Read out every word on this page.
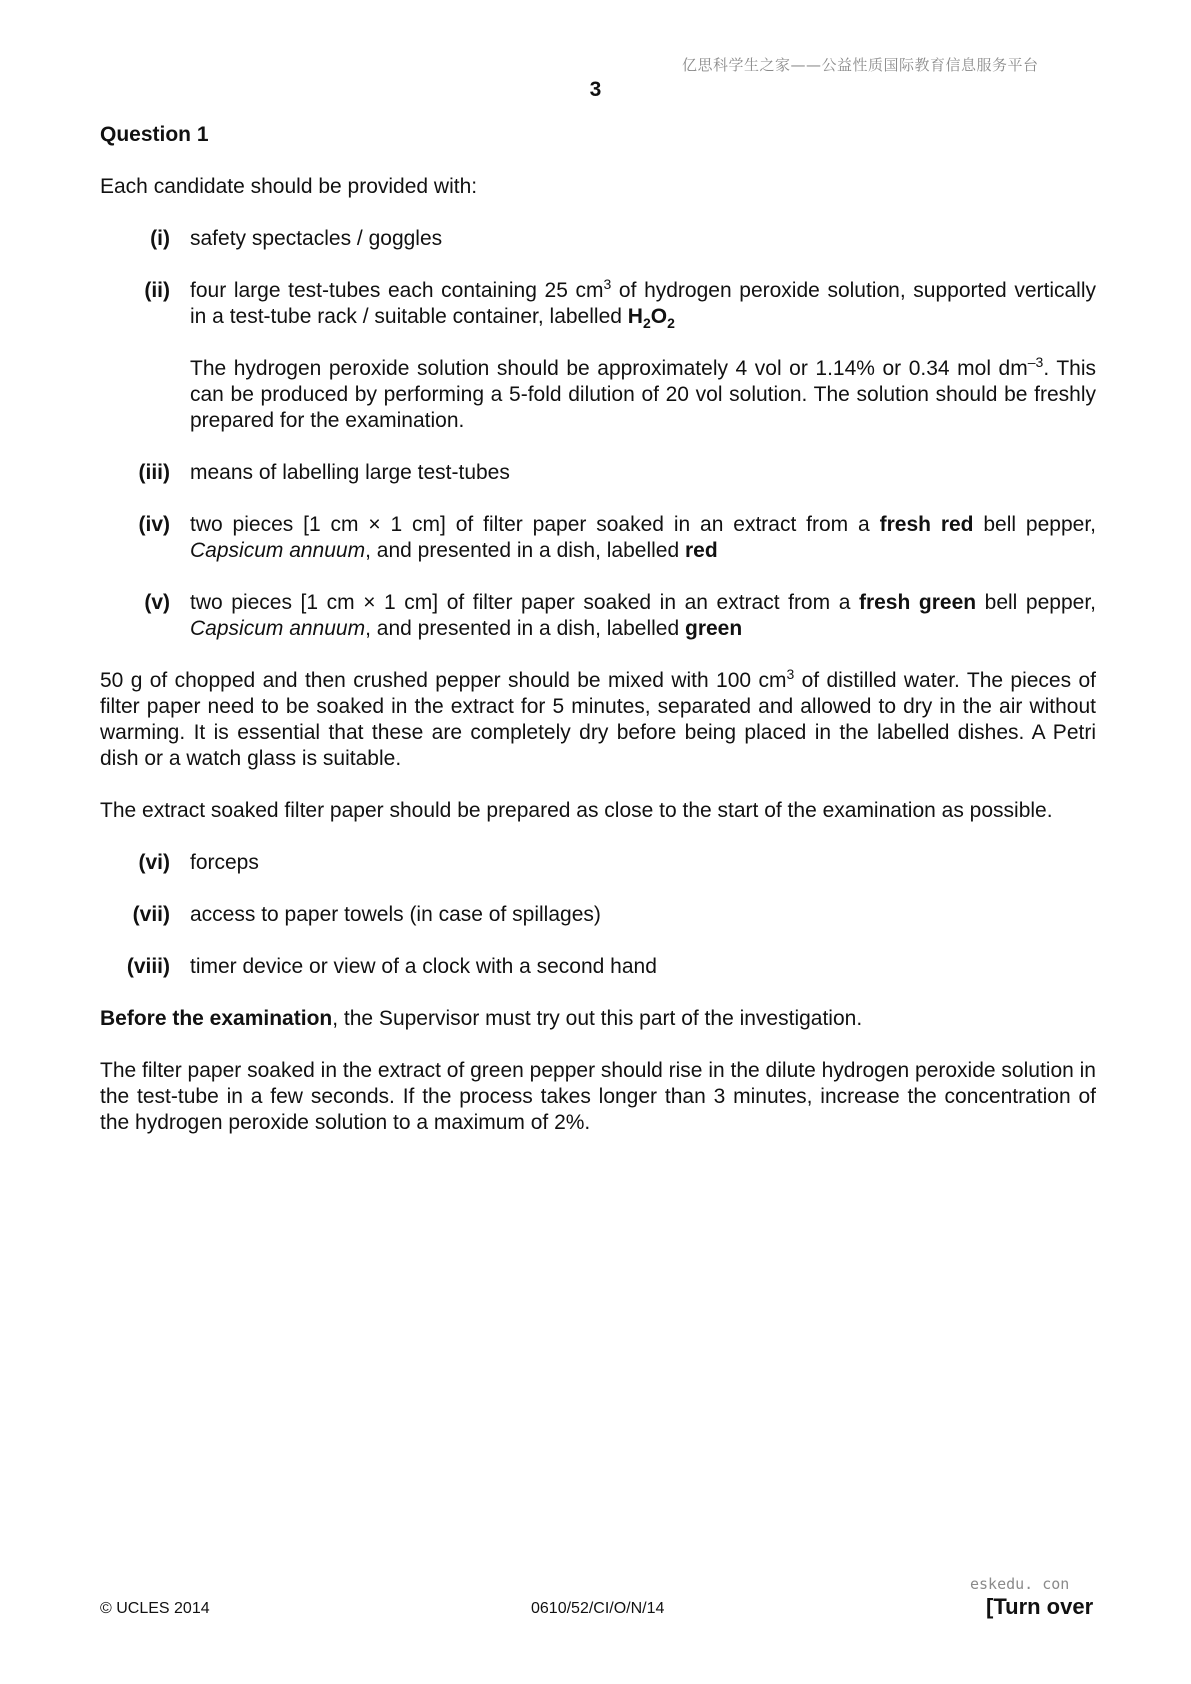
亿思科学生之家——公益性质国际教育信息服务平台
3
Question 1

Each candidate should be provided with:

(i) safety spectacles / goggles
(ii) four large test-tubes each containing 25 $cm^3$ of hydrogen peroxide solution, supported vertically in a test-tube rack / suitable container, labelled $H_2O_2$

The hydrogen peroxide solution should be approximately 4 vol or 1.14% or 0.34 mol $dm^{-3}$. This can be produced by performing a 5-fold dilution of 20 vol solution. The solution should be freshly prepared for the examination.

(iii) means of labelling large test-tubes
(iv) two pieces [1 cm × 1 cm] of filter paper soaked in an extract from a fresh red bell pepper, Capsicum annuum, and presented in a dish, labelled red
(v) two pieces [1 cm × 1 cm] of filter paper soaked in an extract from a fresh green bell pepper, Capsicum annuum, and presented in a dish, labelled green

50 g of chopped and then crushed pepper should be mixed with 100 $cm^3$ of distilled water. The pieces of filter paper need to be soaked in the extract for 5 minutes, separated and allowed to dry in the air without warming. It is essential that these are completely dry before being placed in the labelled dishes. A Petri dish or a watch glass is suitable.

The extract soaked filter paper should be prepared as close to the start of the examination as possible.

(vi) forceps
(vii) access to paper towels (in case of spillages)
(viii) timer device or view of a clock with a second hand

Before the examination, the Supervisor must try out this part of the investigation.

The filter paper soaked in the extract of green pepper should rise in the dilute hydrogen peroxide solution in the test-tube in a few seconds. If the process takes longer than 3 minutes, increase the concentration of the hydrogen peroxide solution to a maximum of 2%.

eskedu. con
© UCLES 2014	0610/52/CI/O/N/14	[Turn over
